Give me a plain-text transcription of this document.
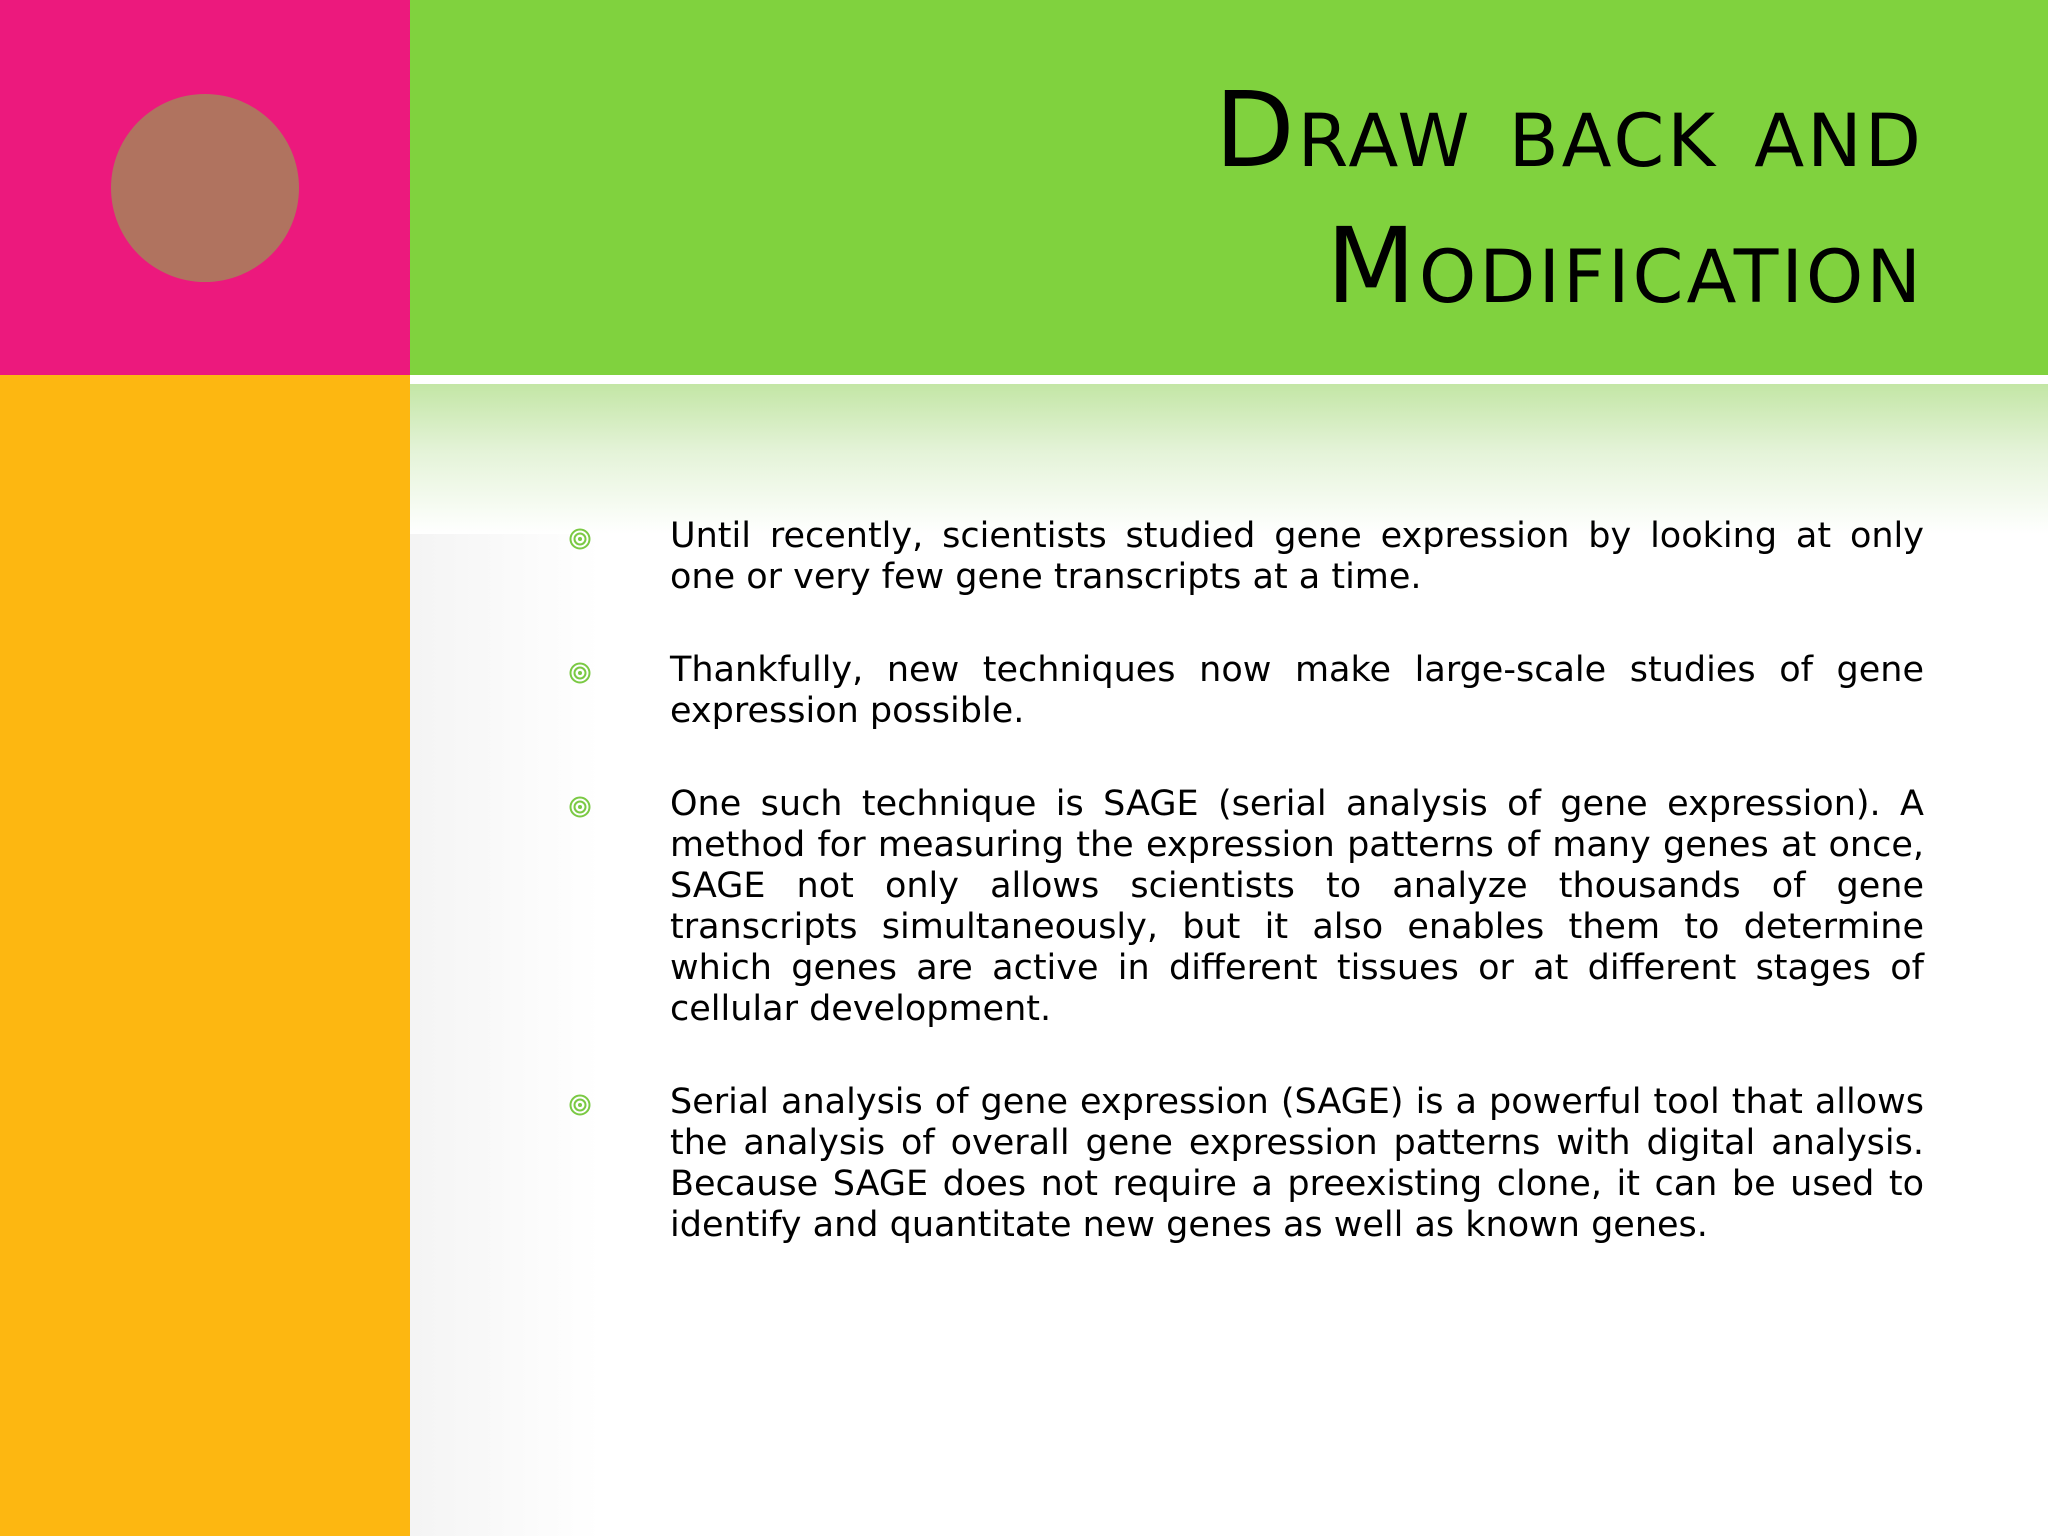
Draw back and
Modification
Until recently, scientists studied gene expression by looking at only one or very few gene transcripts at a time.
Thankfully, new techniques now make large-scale studies of gene expression possible.
One such technique is SAGE (serial analysis of gene expression). A method for measuring the expression patterns of many genes at once, SAGE not only allows scientists to analyze thousands of gene transcripts simultaneously, but it also enables them to determine which genes are active in different tissues or at different stages of cellular development.
Serial analysis of gene expression (SAGE) is a powerful tool that allows the analysis of overall gene expression patterns with digital analysis. Because SAGE does not require a preexisting clone, it can be used to identify and quantitate new genes as well as known genes.
